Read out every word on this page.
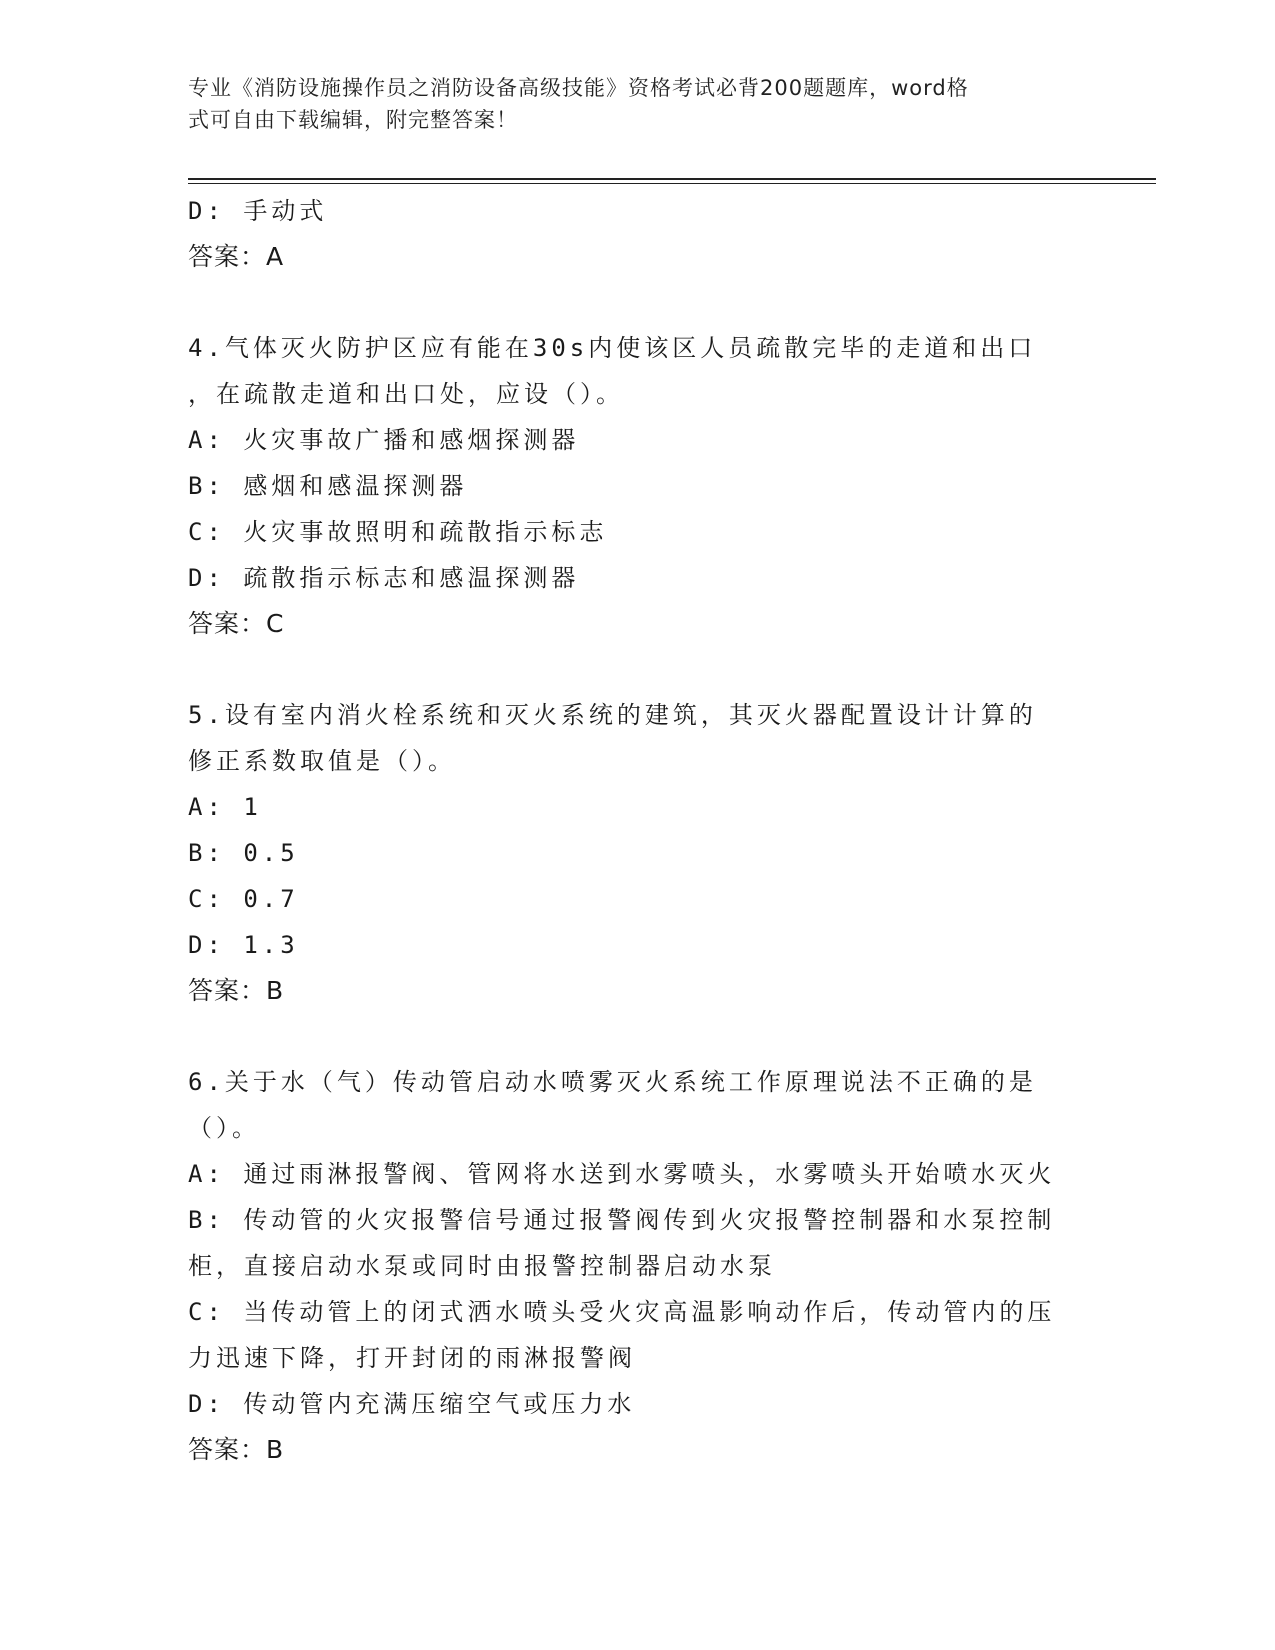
专业《消防设施操作员之消防设备高级技能》资格考试必背200题题库，word格
式可自由下载编辑，附完整答案！
D: 手动式
答案：A
4.气体灭火防护区应有能在30s内使该区人员疏散完毕的走道和出口
，在疏散走道和出口处，应设（）。
A: 火灾事故广播和感烟探测器
B: 感烟和感温探测器
C: 火灾事故照明和疏散指示标志
D: 疏散指示标志和感温探测器
答案：C
5.设有室内消火栓系统和灭火系统的建筑，其灭火器配置设计计算的
修正系数取值是（）。
A: 1
B: 0.5
C: 0.7
D: 1.3
答案：B
6.关于水（气）传动管启动水喷雾灭火系统工作原理说法不正确的是
（）。
A: 通过雨淋报警阀、管网将水送到水雾喷头，水雾喷头开始喷水灭火
B: 传动管的火灾报警信号通过报警阀传到火灾报警控制器和水泵控制
柜，直接启动水泵或同时由报警控制器启动水泵
C: 当传动管上的闭式洒水喷头受火灾高温影响动作后，传动管内的压
力迅速下降，打开封闭的雨淋报警阀
D: 传动管内充满压缩空气或压力水
答案：B
